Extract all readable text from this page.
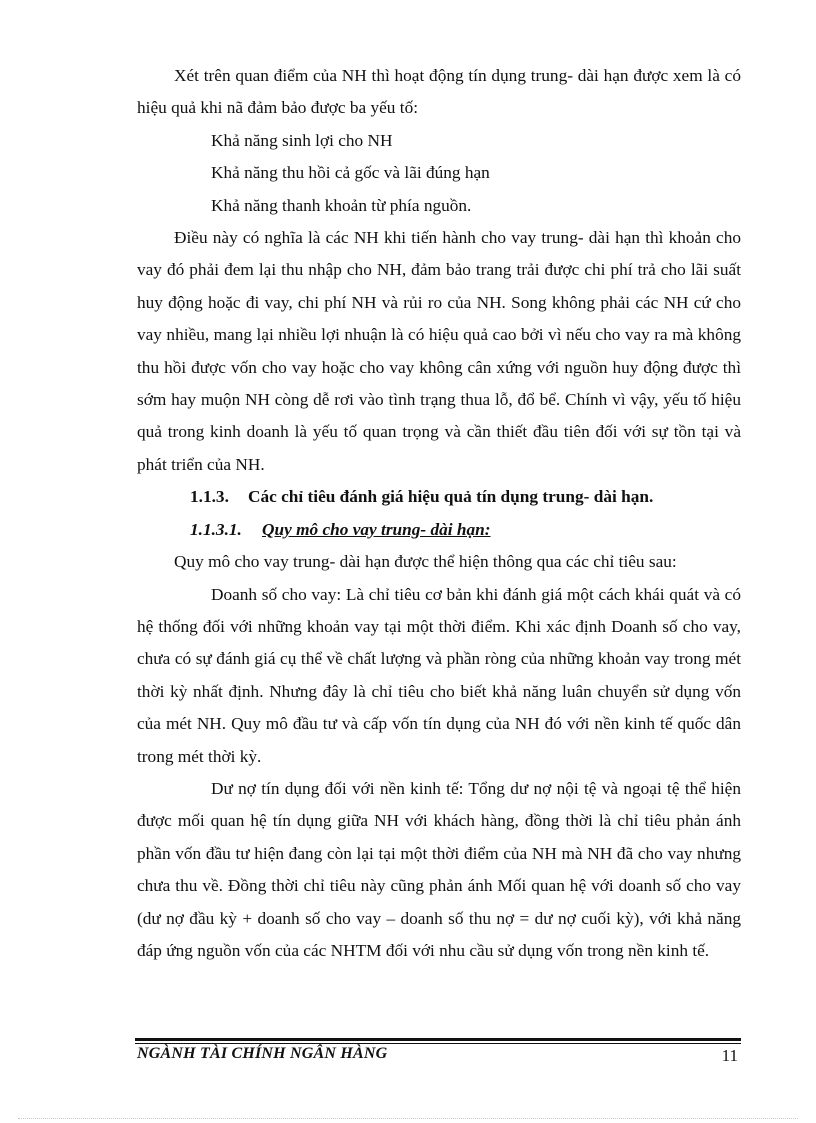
Xét trên quan điểm của NH thì hoạt động tín dụng trung- dài hạn được xem là có hiệu quả khi nã đảm bảo được ba yếu tố:

Khả năng sinh lợi cho NH

Khả năng thu hồi cả gốc và lãi đúng hạn

Khả năng thanh khoản từ phía nguồn.

Điều này có nghĩa là các NH khi tiến hành cho vay trung- dài hạn thì khoản cho vay đó phải đem lại thu nhập cho NH, đảm bảo trang trải được chi phí trả cho lãi suất huy động hoặc đi vay, chi phí NH và rủi ro của NH. Song không phải các NH cứ cho vay nhiều, mang lại nhiều lợi nhuận là có hiệu quả cao bởi vì nếu cho vay ra mà không thu hồi được vốn cho vay hoặc cho vay không cân xứng với nguồn huy động được thì sớm hay muộn NH còng dễ rơi vào tình trạng thua lỗ, đổ bể. Chính vì vậy, yếu tố hiệu quả trong kinh doanh là yếu tố quan trọng và cần thiết đầu tiên đối với sự tồn tại và phát triển của NH.

1.1.3. Các chỉ tiêu đánh giá hiệu quả tín dụng trung- dài hạn.

1.1.3.1. Quy mô cho vay trung- dài hạn:

Quy mô cho vay trung- dài hạn được thể hiện thông qua các chỉ tiêu sau:

Doanh số cho vay: Là chỉ tiêu cơ bản khi đánh giá một cách khái quát và có hệ thống đối với những khoản vay tại một thời điểm. Khi xác định Doanh số cho vay, chưa có sự đánh giá cụ thể về chất lượng và phần ròng của những khoản vay trong mét thời kỳ nhất định. Nhưng đây là chỉ tiêu cho biết khả năng luân chuyển sử dụng vốn của mét NH. Quy mô đầu tư và cấp vốn tín dụng của NH đó với nền kinh tế quốc dân trong mét thời kỳ.

Dư nợ tín dụng đối với nền kinh tế: Tổng dư nợ nội tệ và ngoại tệ thể hiện được mối quan hệ tín dụng giữa NH với khách hàng, đồng thời là chỉ tiêu phản ánh phần vốn đầu tư hiện đang còn lại tại một thời điểm của NH mà NH đã cho vay nhưng chưa thu về. Đồng thời chỉ tiêu này cũng phản ánh Mối quan hệ với doanh số cho vay (dư nợ đầu kỳ + doanh số cho vay – doanh số thu nợ = dư nợ cuối kỳ), với khả năng đáp ứng nguồn vốn của các NHTM đối với nhu cầu sử dụng vốn trong nền kinh tế.

NGÀNH TÀI CHÍNH NGÂN HÀNG	11
